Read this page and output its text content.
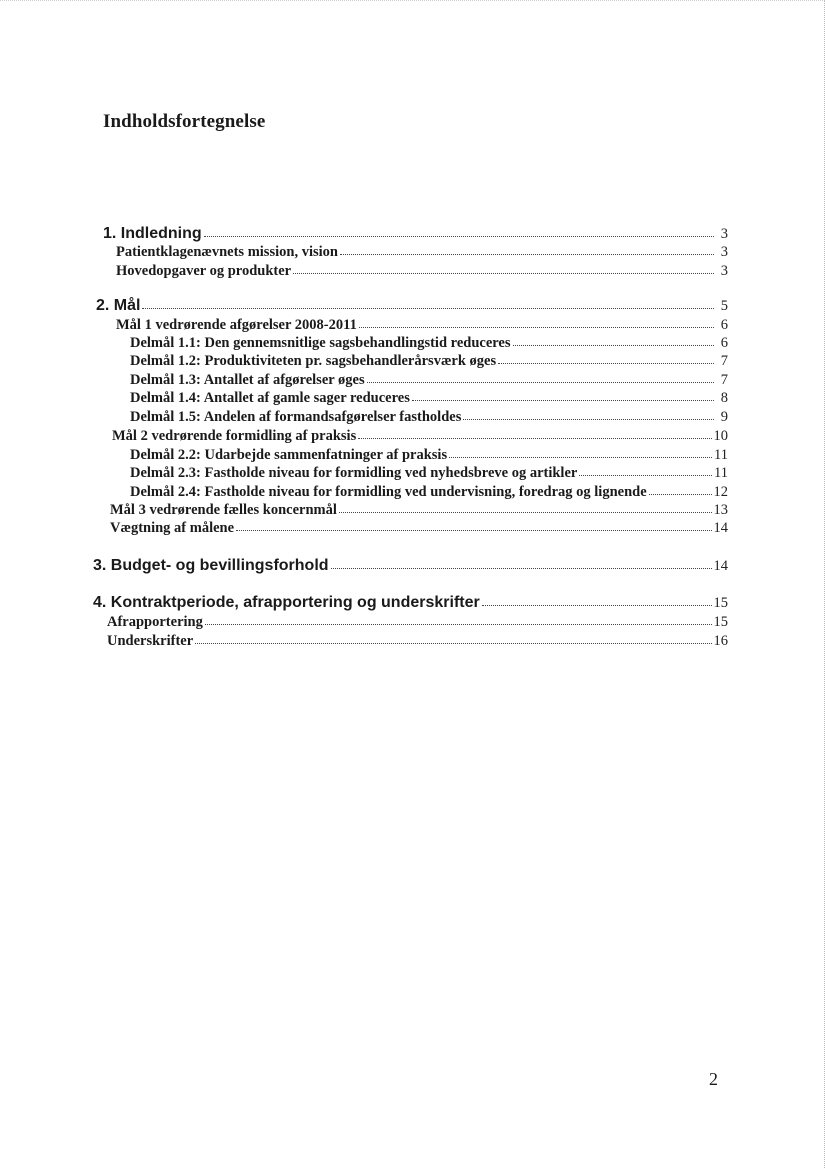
Indholdsfortegnelse
1. Indledning	3
Patientklagenævnets mission, vision	3
Hovedopgaver og produkter	3
2. Mål	5
Mål 1 vedrørende afgørelser 2008-2011	6
Delmål 1.1: Den gennemsnitlige sagsbehandlingstid reduceres	6
Delmål 1.2: Produktiviteten pr. sagsbehandlerårsværk øges	7
Delmål 1.3: Antallet af afgørelser øges	7
Delmål 1.4: Antallet af gamle sager reduceres	8
Delmål 1.5: Andelen af formandsafgørelser fastholdes	9
Mål 2 vedrørende formidling af praksis	10
Delmål 2.2: Udarbejde sammenfatninger af praksis	11
Delmål 2.3: Fastholde niveau for formidling ved nyhedsbreve og artikler	11
Delmål 2.4: Fastholde niveau for formidling ved undervisning, foredrag og lignende	12
Mål 3 vedrørende fælles koncernmål	13
Vægtning af målene	14
3. Budget- og bevillingsforhold	14
4. Kontraktperiode, afrapportering og underskrifter	15
Afrapportering	15
Underskrifter	16
2
